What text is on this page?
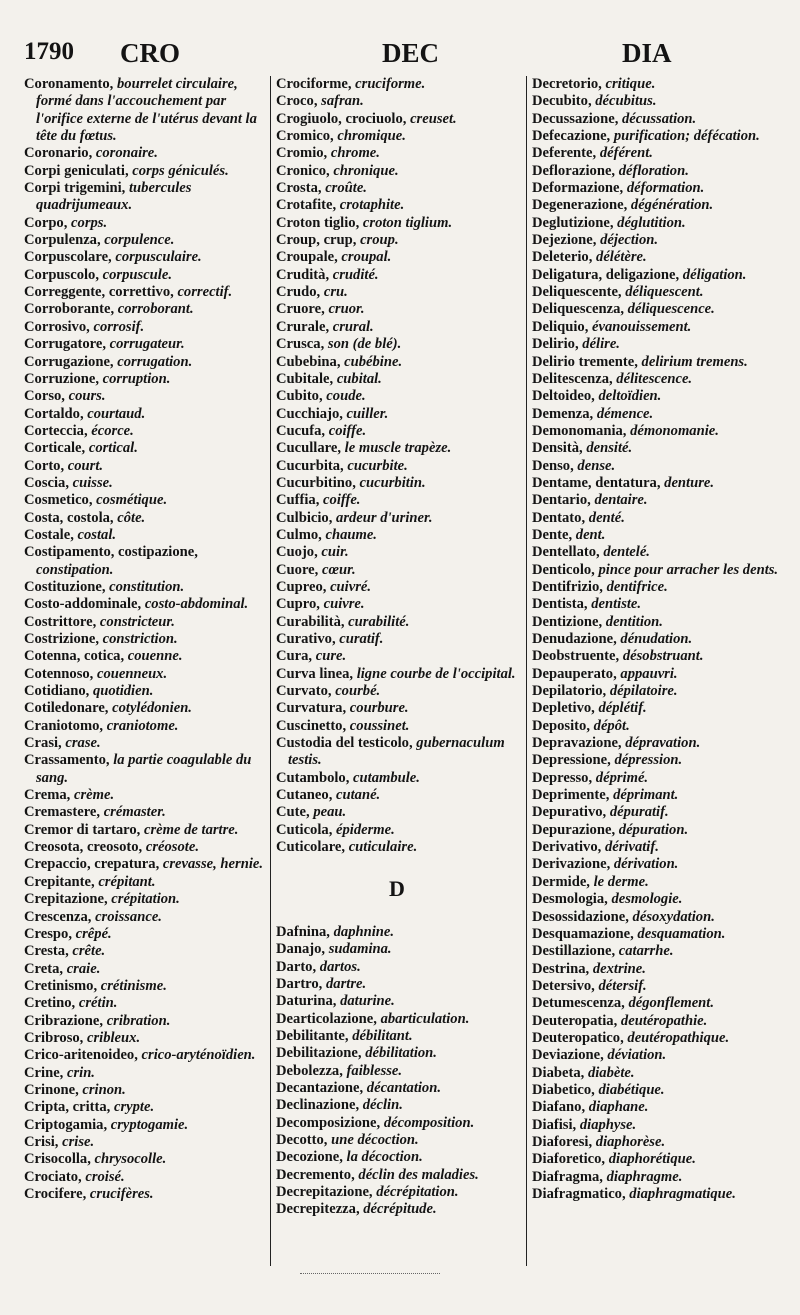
1790 CRO	DEC	DIA
Coronamento, bourrelet circulaire, formé dans l'accouchement par l'orifice externe de l'utérus devant la tête du fœtus.
Coronario, coronaire.
Corpi geniculati, corps géniculés.
Corpi trigemini, tubercules quadrijumeaux.
Corpo, corps.
Corpulenza, corpulence.
Corpuscolare, corpusculaire.
Corpuscolo, corpuscule.
Correggente, correttivo, correctif.
Corroborante, corroborant.
Corrosivo, corrosif.
Corrugatore, corrugateur.
Corrugazione, corrugation.
Corruzione, corruption.
Corso, cours.
Cortaldo, courtaud.
Corteccia, écorce.
Corticale, cortical.
Corto, court.
Coscia, cuisse.
Cosmetico, cosmétique.
Costa, costola, côte.
Costale, costal.
Costipamento, costipazione, constipation.
Costituzione, constitution.
Costo-addominale, costo-abdominal.
Costrittore, constricteur.
Costrizione, constriction.
Cotenna, cotica, couenne.
Cotennoso, couenneux.
Cotidiano, quotidien.
Cotiledonare, cotylédonien.
Craniotomo, craniotome.
Crasi, crase.
Crassamento, la partie coagulable du sang.
Crema, crème.
Cremastere, crémaster.
Cremor di tartaro, crème de tartre.
Creosota, creosoto, créosote.
Crepaccio, crepatura, crevasse, hernie.
Crepitante, crépitant.
Crepitazione, crépitation.
Crescenza, croissance.
Crespo, crêpé.
Cresta, crête.
Creta, craie.
Cretinismo, crétinisme.
Cretino, crétin.
Cribrazione, cribration.
Cribroso, cribleux.
Crico-aritenoideo, crico-aryténoïdien.
Crine, crin.
Crinone, crinon.
Cripta, critta, crypte.
Criptogamia, cryptogamie.
Crisi, crise.
Crisocolla, chrysocolle.
Crociato, croisé.
Crocifere, crucifères.
Crociforme, cruciforme.
Croco, safran.
Crogiuolo, crociuolo, creuset.
Cromico, chromique.
Cromio, chrome.
Cronico, chronique.
Crosta, croûte.
Crotafite, crotaphite.
Croton tiglio, croton tiglium.
Croup, crup, croup.
Croupale, croupal.
Crudità, crudité.
Crudo, cru.
Cruore, cruor.
Crurale, crural.
Crusca, son (de blé).
Cubebina, cubébine.
Cubitale, cubital.
Cubito, coude.
Cucchiajo, cuiller.
Cucufa, coiffe.
Cucullare, le muscle trapèze.
Cucurbita, cucurbite.
Cucurbitino, cucurbitin.
Cuffia, coiffe.
Culbicio, ardeur d'uriner.
Culmo, chaume.
Cuojo, cuir.
Cuore, cœur.
Cupreo, cuivré.
Cupro, cuivre.
Curabilità, curabilité.
Curativo, curatif.
Cura, cure.
Curva linea, ligne courbe de l'occipital.
Curvato, courbé.
Curvatura, courbure.
Cuscinetto, coussinet.
Custodia del testicolo, gubernaculum testis.
Cutambolo, cutambule.
Cutaneo, cutané.
Cute, peau.
Cuticola, épiderme.
Cuticolare, cuticulaire.
D
Dafnina, daphnine.
Danajo, sudamina.
Darto, dartos.
Dartro, dartre.
Daturina, daturine.
Dearticolazione, abarticulation.
Debilitante, débilitant.
Debilitazione, débilitation.
Debolezza, faiblesse.
Decantazione, décantation.
Declinazione, déclin.
Decomposizione, décomposition.
Decotto, une décoction.
Decozione, la décoction.
Decremento, déclin des maladies.
Decrepitazione, décrépitation.
Decrepitezza, décrépitude.
Decretorio, critique.
Decubito, décubitus.
Decussazione, décussation.
Defecazione, purification; défécation.
Deferente, déférent.
Deflorazione, défloration.
Deformazione, déformation.
Degenerazione, dégénération.
Deglutizione, déglutition.
Dejezione, déjection.
Deleterio, délétère.
Deligatura, deligazione, déligation.
Deliquescente, déliquescent.
Deliquescenza, déliquescence.
Deliquio, évanouissement.
Delirio, délire.
Delirio tremente, delirium tremens.
Delitescenza, délitescence.
Deltoideo, deltoïdien.
Demenza, démence.
Demonomania, démonomanie.
Densità, densité.
Denso, dense.
Dentame, dentatura, denture.
Dentario, dentaire.
Dentato, denté.
Dente, dent.
Dentellato, dentelé.
Denticolo, pince pour arracher les dents.
Dentifrizio, dentifrice.
Dentista, dentiste.
Dentizione, dentition.
Denudazione, dénudation.
Deobstruente, désobstruant.
Depauperato, appauvri.
Depilatorio, dépilatoire.
Depletivo, déplétif.
Deposito, dépôt.
Depravazione, dépravation.
Depressione, dépression.
Depresso, déprimé.
Deprimente, déprimant.
Depurativo, dépuratif.
Depurazione, dépuration.
Derivativo, dérivatif.
Derivazione, dérivation.
Dermide, le derme.
Desmologia, desmologie.
Desossidazione, désoxydation.
Desquamazione, desquamation.
Destillazione, catarrhe.
Destrina, dextrine.
Detersivo, détersif.
Detumescenza, dégonflement.
Deuteropatia, deutéropathie.
Deuteropatico, deutéropathique.
Deviazione, déviation.
Diabeta, diabète.
Diabetico, diabétique.
Diafano, diaphane.
Diafisi, diaphyse.
Diaforesi, diaphorèse.
Diaforetico, diaphorétique.
Diafragma, diaphragme.
Diafragmatico, diaphragmatique.
